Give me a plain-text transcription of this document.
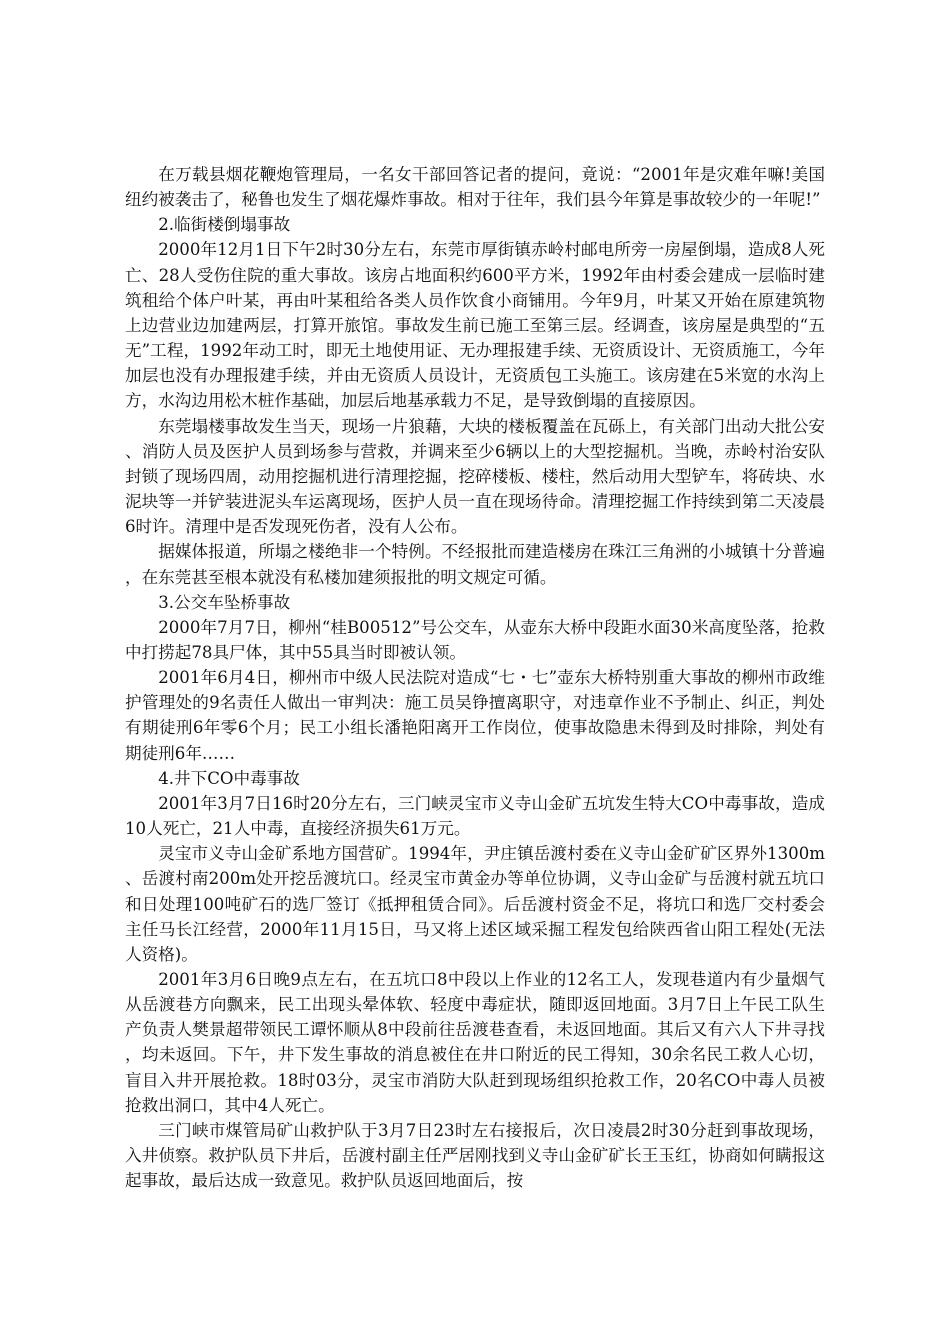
在万载县烟花鞭炮管理局，一名女干部回答记者的提问，竟说：“2001年是灾难年嘛!美国纽约被袭击了，秘鲁也发生了烟花爆炸事故。相对于往年，我们县今年算是事故较少的一年呢!”

2.临街楼倒塌事故

2000年12月1日下午2时30分左右，东莞市厚街镇赤岭村邮电所旁一房屋倒塌，造成8人死亡、28人受伤住院的重大事故。该房占地面积约600平方米，1992年由村委会建成一层临时建筑租给个体户叶某，再由叶某租给各类人员作饮食小商铺用。今年9月，叶某又开始在原建筑物上边营业边加建两层，打算开旅馆。事故发生前已施工至第三层。经调查，该房屋是典型的“五无”工程，1992年动工时，即无土地使用证、无办理报建手续、无资质设计、无资质施工，今年加层也没有办理报建手续，并由无资质人员设计，无资质包工头施工。该房建在5米宽的水沟上方，水沟边用松木桩作基础，加层后地基承载力不足，是导致倒塌的直接原因。

东莞塌楼事故发生当天，现场一片狼藉，大块的楼板覆盖在瓦砾上，有关部门出动大批公安、消防人员及医护人员到场参与营救，并调来至少6辆以上的大型挖掘机。当晚，赤岭村治安队封锁了现场四周，动用挖掘机进行清理挖掘，挖碎楼板、楼柱，然后动用大型铲车，将砖块、水泥块等一并铲装进泥头车运离现场，医护人员一直在现场待命。清理挖掘工作持续到第二天凌晨6时许。清理中是否发现死伤者，没有人公布。

据媒体报道，所塌之楼绝非一个特例。不经报批而建造楼房在珠江三角洲的小城镇十分普遍，在东莞甚至根本就没有私楼加建须报批的明文规定可循。

3.公交车坠桥事故

2000年7月7日，柳州“桂B00512”号公交车，从壶东大桥中段距水面30米高度坠落，抢救中打捞起78具尸体，其中55具当时即被认领。

2001年6月4日，柳州市中级人民法院对造成“七・七”壶东大桥特别重大事故的柳州市政维护管理处的9名责任人做出一审判决：施工员吴铮擅离职守，对违章作业不予制止、纠正，判处有期徒刑6年零6个月；民工小组长潘艳阳离开工作岗位，使事故隐患未得到及时排除，判处有期徒刑6年……

4.井下CO中毒事故

2001年3月7日16时20分左右，三门峡灵宝市义寺山金矿五坑发生特大CO中毒事故，造成10人死亡，21人中毒，直接经济损失61万元。

灵宝市义寺山金矿系地方国营矿。1994年，尹庄镇岳渡村委在义寺山金矿矿区界外1300m、岳渡村南200m处开挖岳渡坑口。经灵宝市黄金办等单位协调，义寺山金矿与岳渡村就五坑口和日处理100吨矿石的选厂签订《抵押租赁合同》。后岳渡村资金不足，将坑口和选厂交村委会主任马长江经营，2000年11月15日，马又将上述区域采掘工程发包给陕西省山阳工程处(无法人资格)。

2001年3月6日晚9点左右，在五坑口8中段以上作业的12名工人，发现巷道内有少量烟气从岳渡巷方向飘来，民工出现头晕体软、轻度中毒症状，随即返回地面。3月7日上午民工队生产负责人樊景超带领民工谭怀顺从8中段前往岳渡巷查看，未返回地面。其后又有六人下井寻找，均未返回。下午，井下发生事故的消息被住在井口附近的民工得知，30余名民工救人心切，盲目入井开展抢救。18时03分，灵宝市消防大队赶到现场组织抢救工作，20名CO中毒人员被抢救出洞口，其中4人死亡。

三门峡市煤管局矿山救护队于3月7日23时左右接报后，次日凌晨2时30分赶到事故现场，入井侦察。救护队员下井后，岳渡村副主任严居刚找到义寺山金矿矿长王玉红，协商如何瞒报这起事故，最后达成一致意见。救护队员返回地面后，按
